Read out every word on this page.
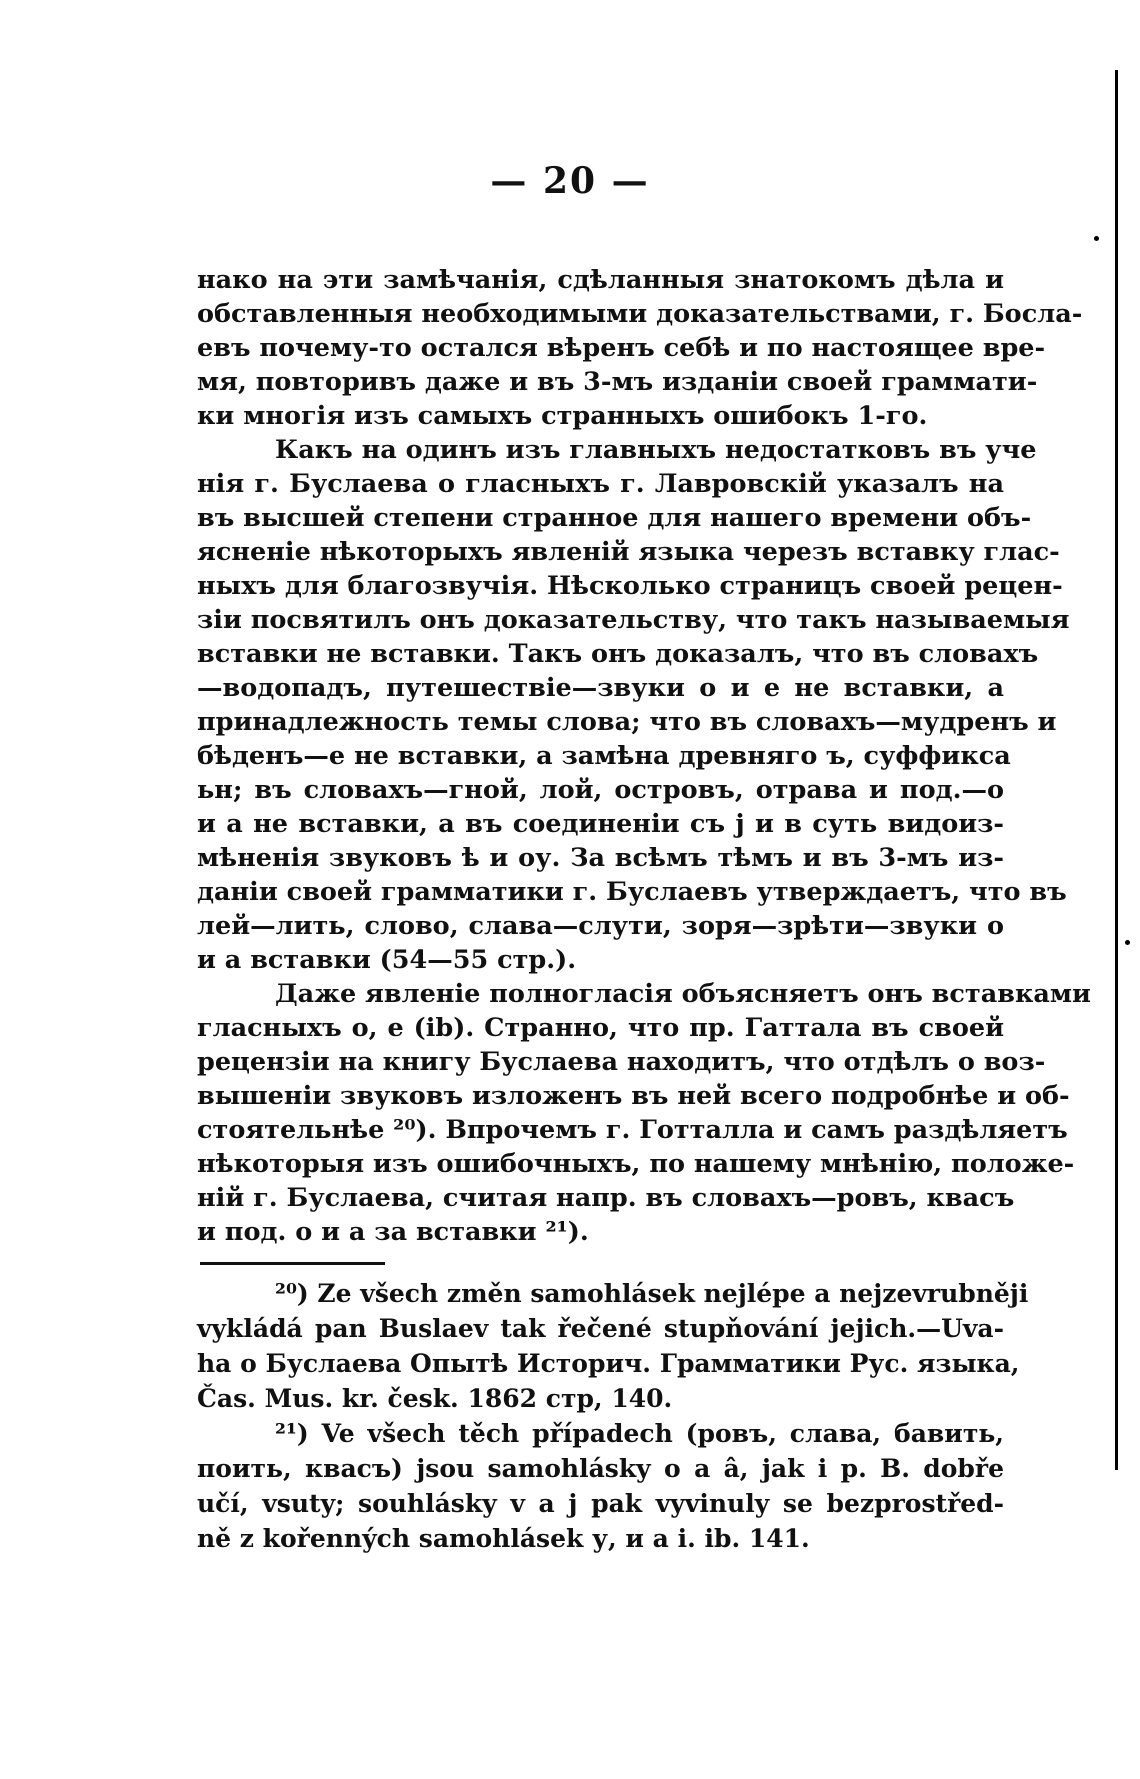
— 20 —
нако на эти замѣчанія, сдѣланныя знатокомъ дѣла и
обставленныя необходимыми доказательствами, г. Босла-
евъ почему-то остался вѣренъ себѣ и по настоящее вре-
мя, повторивъ даже и въ 3-мъ изданіи своей граммати-
ки многія изъ самыхъ странныхъ ошибокъ 1-го.
Какъ на одинъ изъ главныхъ недостатковъ въ уче
нія г. Буслаева о гласныхъ г. Лавровскій указалъ на
въ высшей степени странное для нашего времени объ-
ясненіе нѣкоторыхъ явленій языка черезъ вставку глас-
ныхъ для благозвучія. Нѣсколько страницъ своей рецен-
зіи посвятилъ онъ доказательству, что такъ называемыя
вставки не вставки. Такъ онъ доказалъ, что въ словахъ
—водопадъ, путешествіе—звуки о и е не вставки, а
принадлежность темы слова; что въ словахъ—мудренъ и
бѣденъ—е не вставки, а замѣна древняго ъ, суффикса
ьн; въ словахъ—гной, лой, островъ, отрава и под.—о
и а не вставки, а въ соединеніи съ j и в суть видоиз-
мѣненія звуковъ ѣ и оу. За всѣмъ тѣмъ и въ 3-мъ из-
даніи своей грамматики г. Буслаевъ утверждаетъ, что въ
лей—лить, слово, слава—слути, зоря—зрѣти—звуки о
и а вставки (54—55 стр.).
Даже явленіе полногласія объясняетъ онъ вставками
гласныхъ о, е (ib). Странно, что пр. Гаттала въ своей
рецензіи на книгу Буслаева находитъ, что отдѣлъ о воз-
вышеніи звуковъ изложенъ въ ней всего подробнѣе и об-
стоятельнѣе ²⁰). Впрочемъ г. Готталла и самъ раздѣляетъ
нѣкоторыя изъ ошибочныхъ, по нашему мнѣнію, положе-
ній г. Буслаева, считая напр. въ словахъ—ровъ, квасъ
и под. о и а за вставки ²¹).
²⁰) Ze všech změn samohlásek nejlépe a nejzevrubněji
vykládá pan Buslaev tak řečené stupňování jejich.—Uva-
ha o Буслаева Опытѣ Историч. Грамматики Рус. языка,
Čas. Mus. kr. česk. 1862 стр, 140.
²¹) Ve všech těch případech (ровъ, слава, бавить,
поить, квасъ) jsou samohlásky о а â, jak i p. B. dobře
učí, vsuty; souhlásky v a j pak vyvinuly se bezprostřed-
ně z kořenných samohlásek у, и a i. ib. 141.
